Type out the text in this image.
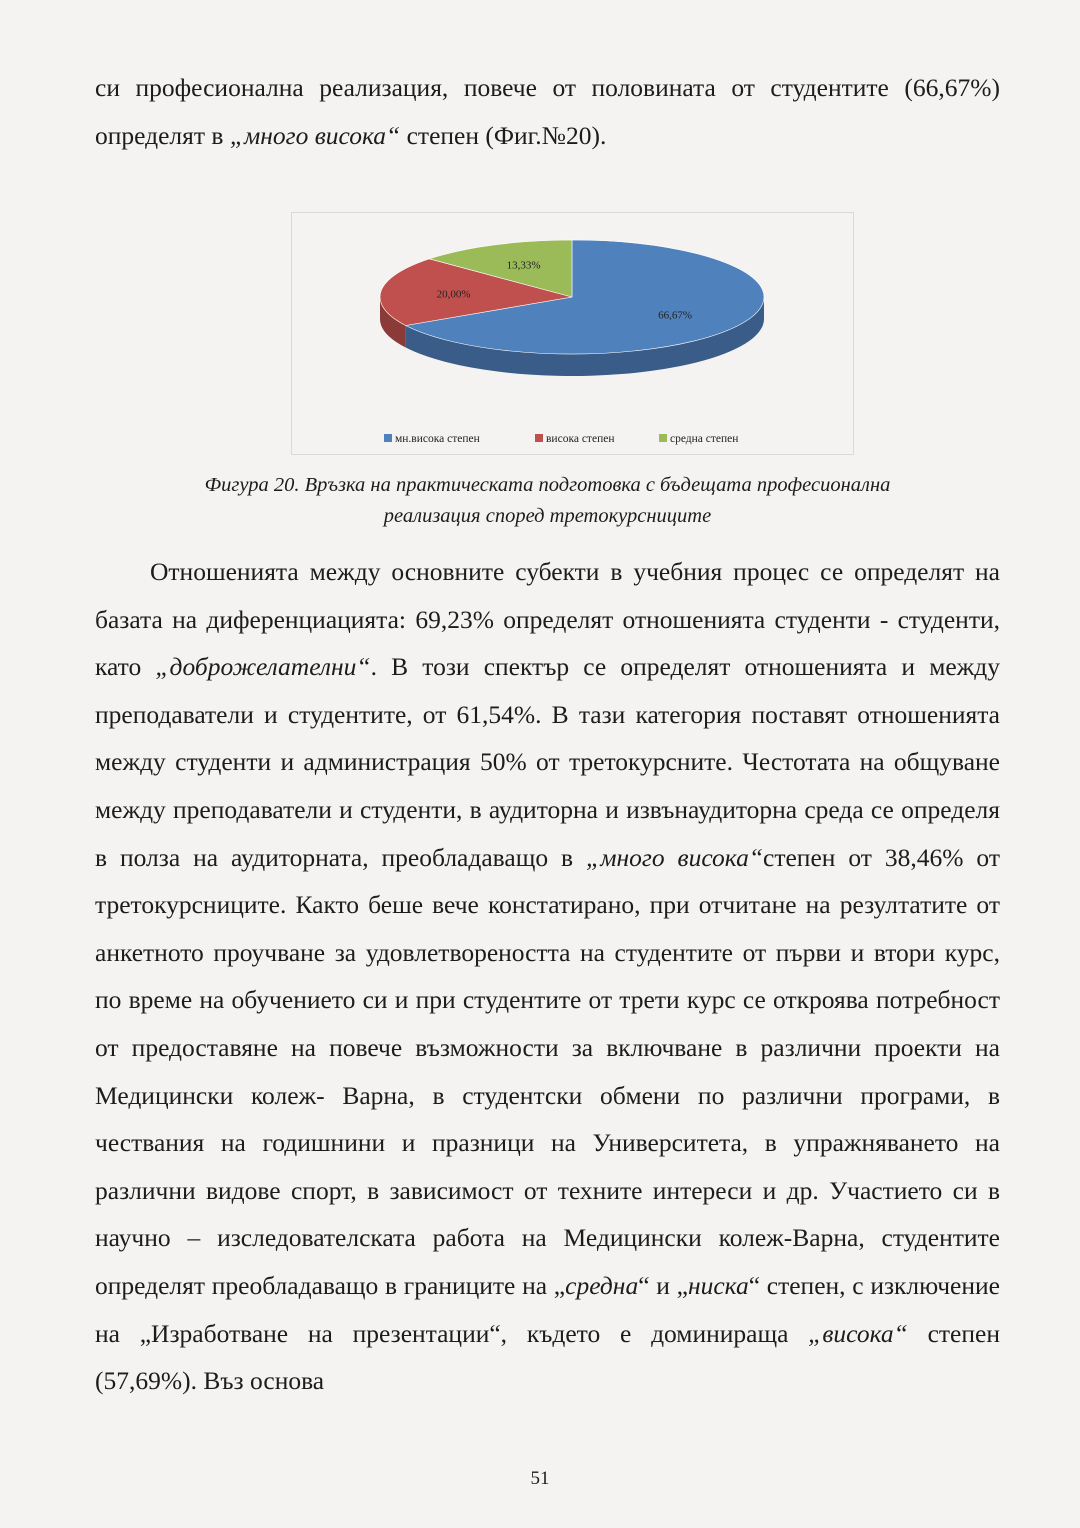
си професионална реализация, повече от половината от студентите (66,67%) определят в „много висока“ степен (Фиг.№20).

66,67%
20,00%
13,33%
мн.висока степен	висока степен	средна степен
Фигура 20. Връзка на практическата подготовка с бъдещата професионална
реализация според третокурсниците

Отношенията между основните субекти в учебния процес се определят на базата на диференциацията: 69,23% определят отношенията студенти - студенти, като „доброжелателни“. В този спектър се определят отношенията и между преподаватели и студентите, от 61,54%. В тази категория поставят отношенията между студенти и администрация 50% от третокурсните. Честотата на общуване между преподаватели и студенти, в аудиторна и извънаудиторна среда се определя в полза на аудиторната, преобладаващо в „много висока“степен от 38,46% от третокурсниците. Както беше вече констатирано, при отчитане на резултатите от анкетното проучване за удовлетвореността на студентите от първи и втори курс, по време на обучението си и при студентите от трети курс се откроява потребност от предоставяне на повече възможности за включване в различни проекти на Медицински колеж- Варна, в студентски обмени по различни програми, в чествания на годишнини и празници на Университета, в упражняването на различни видове спорт, в зависимост от техните интереси и др. Участието си в научно – изследователската работа на Медицински колеж-Варна, студентите определят преобладаващо в границите на „средна“ и „ниска“ степен, с изключение на „Изработване на презентации“, където е доминираща „висока“ степен (57,69%). Въз основа

51
